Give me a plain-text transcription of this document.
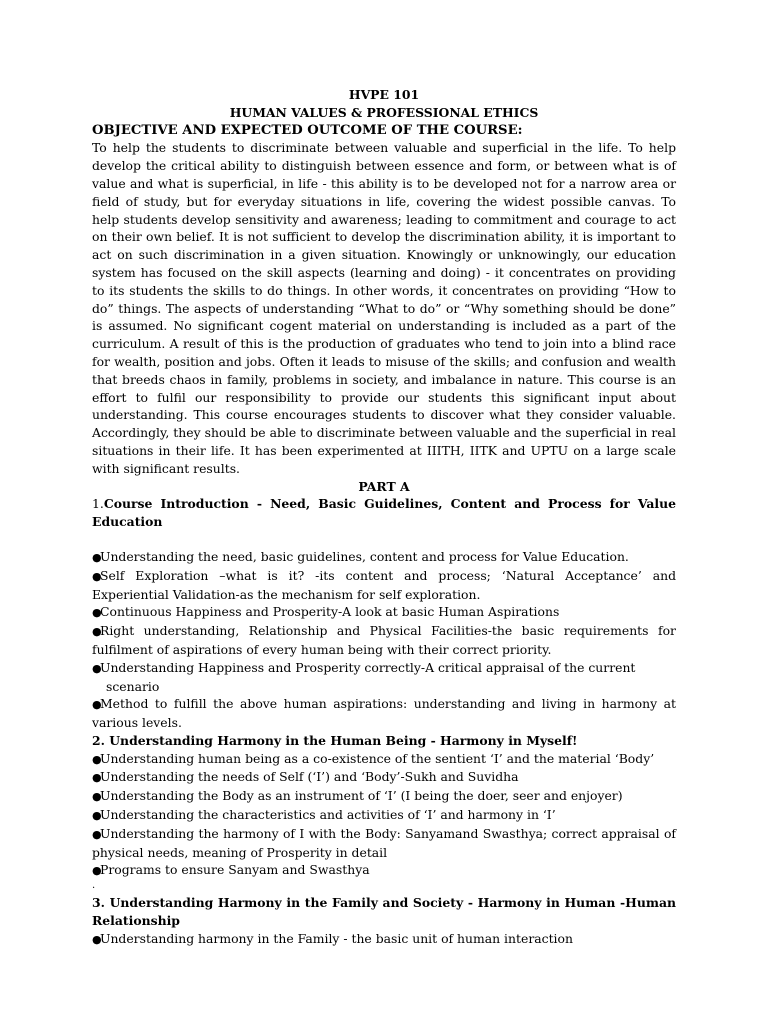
HVPE 101
HUMAN VALUES & PROFESSIONAL ETHICS
OBJECTIVE AND EXPECTED OUTCOME OF THE COURSE:

To help the students to discriminate between valuable and superficial in the life. To help develop the critical ability to distinguish between essence and form, or between what is of value and what is superficial, in life - this ability is to be developed not for a narrow area or field of study, but for everyday situations in life, covering the widest possible canvas. To help students develop sensitivity and awareness; leading to commitment and courage to act on their own belief. It is not sufficient to develop the discrimination ability, it is important to act on such discrimination in a given situation. Knowingly or unknowingly, our education system has focused on the skill aspects (learning and doing) - it concentrates on providing to its students the skills to do things. In other words, it concentrates on providing “How to do” things. The aspects of understanding “What to do” or “Why something should be done” is assumed. No significant cogent material on understanding is included as a part of the curriculum. A result of this is the production of graduates who tend to join into a blind race for wealth, position and jobs. Often it leads to misuse of the skills; and confusion and wealth that breeds chaos in family, problems in society, and imbalance in nature. This course is an effort to fulfil our responsibility to provide our students this significant input about understanding. This course encourages students to discover what they consider valuable. Accordingly, they should be able to discriminate between valuable and the superficial in real situations in their life. It has been experimented at IIITH, IITK and UPTU on a large scale with significant results.

PART A

1.Course Introduction - Need, Basic Guidelines, Content and Process for Value Education

●Understanding the need, basic guidelines, content and process for Value Education.
●Self Exploration –what is it? -its content and process; ‘Natural Acceptance’ and Experiential Validation-as the mechanism for self exploration.
●Continuous Happiness and Prosperity-A look at basic Human Aspirations
●Right understanding, Relationship and Physical Facilities-the basic requirements for fulfilment of aspirations of every human being with their correct priority.
●Understanding Happiness and Prosperity correctly-A critical appraisal of the current
scenario
●Method to fulfill the above human aspirations: understanding and living in harmony at various levels.

2. Understanding Harmony in the Human Being - Harmony in Myself!

●Understanding human being as a co-existence of the sentient ‘I’ and the material ‘Body’
●Understanding the needs of Self (‘I’) and ‘Body’-Sukh and Suvidha
●Understanding the Body as an instrument of ‘I’ (I being the doer, seer and enjoyer)
●Understanding the characteristics and activities of ‘I’ and harmony in ‘I’
●Understanding the harmony of I with the Body: Sanyamand Swasthya; correct appraisal of physical needs, meaning of Prosperity in detail
●Programs to ensure Sanyam and Swasthya
.

3. Understanding Harmony in the Family and Society - Harmony in Human -Human Relationship

●Understanding harmony in the Family - the basic unit of human interaction
